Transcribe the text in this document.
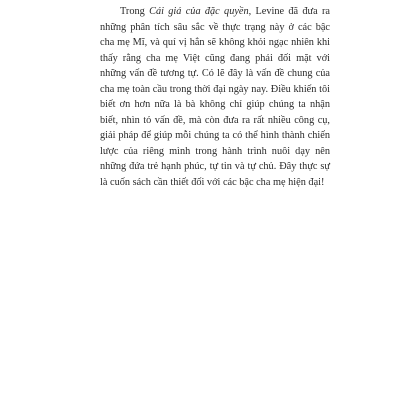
Trong Cái giá của đặc quyền, Levine đã đưa ra những phân tích sâu sắc về thực trạng này ở các bậc cha mẹ Mĩ, và quí vị hẳn sẽ không khỏi ngạc nhiên khi thấy rằng cha mẹ Việt cũng đang phải đối mặt với những vấn đề tương tự. Có lẽ đây là vấn đề chung của cha mẹ toàn cầu trong thời đại ngày nay. Điều khiến tôi biết ơn hơn nữa là bà không chỉ giúp chúng ta nhận biết, nhìn tỏ vấn đề, mà còn đưa ra rất nhiều công cụ, giải pháp để giúp mỗi chúng ta có thể hình thành chiến lược của riêng mình trong hành trình nuôi dạy nên những đứa trẻ hạnh phúc, tự tin và tự chủ. Đây thực sự là cuốn sách cần thiết đối với các bậc cha mẹ hiện đại!
